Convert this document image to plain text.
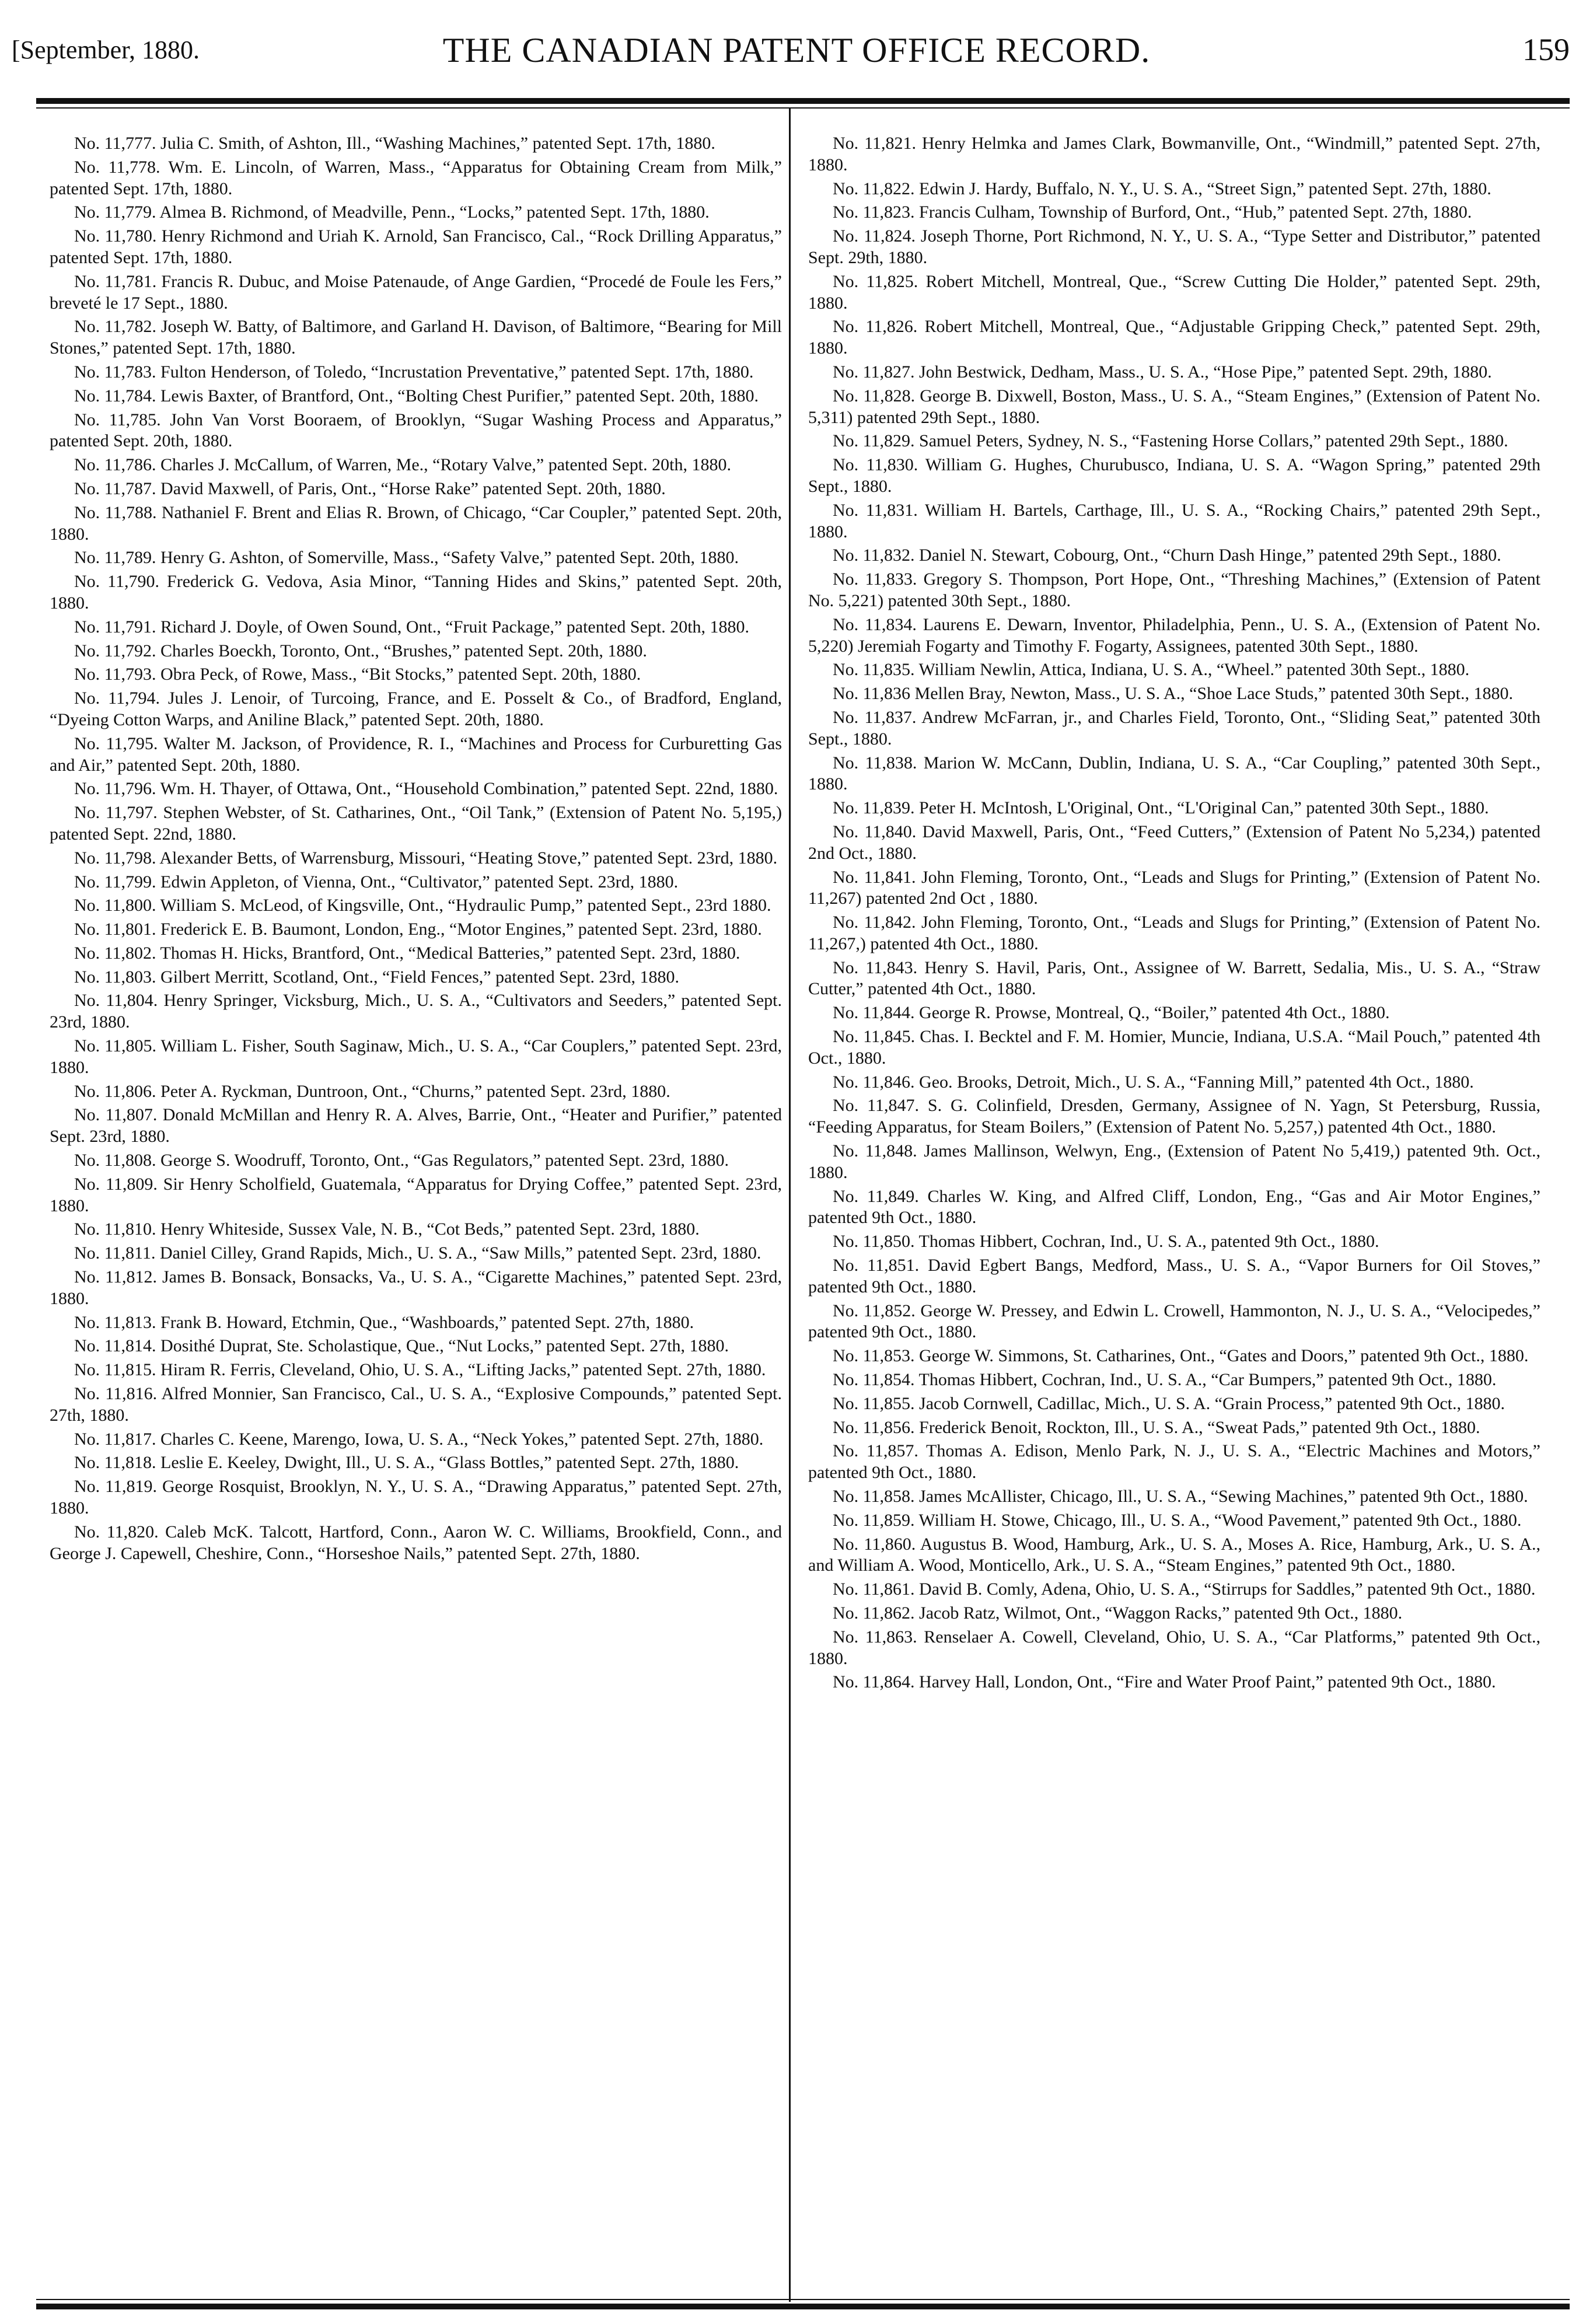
[September, 1880.	THE CANADIAN PATENT OFFICE RECORD.	159

No. 11,777. Julia C. Smith, of Ashton, Ill., “Washing Machines,” patented Sept. 17th, 1880.

No. 11,778. Wm. E. Lincoln, of Warren, Mass., “Apparatus for Obtaining Cream from Milk,” patented Sept. 17th, 1880.

No. 11,779. Almea B. Richmond, of Meadville, Penn., “Locks,” patented Sept. 17th, 1880.

No. 11,780. Henry Richmond and Uriah K. Arnold, San Francisco, Cal., “Rock Drilling Apparatus,” patented Sept. 17th, 1880.

No. 11,781. Francis R. Dubuc, and Moise Patenaude, of Ange Gardien, “Procedé de Foule les Fers,” breveté le 17 Sept., 1880.

No. 11,782. Joseph W. Batty, of Baltimore, and Garland H. Davison, of Baltimore, “Bearing for Mill Stones,” patented Sept. 17th, 1880.

No. 11,783. Fulton Henderson, of Toledo, “Incrustation Preventative,” patented Sept. 17th, 1880.

No. 11,784. Lewis Baxter, of Brantford, Ont., “Bolting Chest Purifier,” patented Sept. 20th, 1880.

No. 11,785. John Van Vorst Booraem, of Brooklyn, “Sugar Washing Process and Apparatus,” patented Sept. 20th, 1880.

No. 11,786. Charles J. McCallum, of Warren, Me., “Rotary Valve,” patented Sept. 20th, 1880.

No. 11,787. David Maxwell, of Paris, Ont., “Horse Rake” patented Sept. 20th, 1880.

No. 11,788. Nathaniel F. Brent and Elias R. Brown, of Chicago, “Car Coupler,” patented Sept. 20th, 1880.

No. 11,789. Henry G. Ashton, of Somerville, Mass., “Safety Valve,” patented Sept. 20th, 1880.

No. 11,790. Frederick G. Vedova, Asia Minor, “Tanning Hides and Skins,” patented Sept. 20th, 1880.

No. 11,791. Richard J. Doyle, of Owen Sound, Ont., “Fruit Package,” patented Sept. 20th, 1880.

No. 11,792. Charles Boeckh, Toronto, Ont., “Brushes,” patented Sept. 20th, 1880.

No. 11,793. Obra Peck, of Rowe, Mass., “Bit Stocks,” patented Sept. 20th, 1880.

No. 11,794. Jules J. Lenoir, of Turcoing, France, and E. Posselt & Co., of Bradford, England, “Dyeing Cotton Warps, and Aniline Black,” patented Sept. 20th, 1880.

No. 11,795. Walter M. Jackson, of Providence, R. I., “Machines and Process for Curburetting Gas and Air,” patented Sept. 20th, 1880.

No. 11,796. Wm. H. Thayer, of Ottawa, Ont., “Household Combination,” patented Sept. 22nd, 1880.

No. 11,797. Stephen Webster, of St. Catharines, Ont., “Oil Tank,” (Extension of Patent No. 5,195,) patented Sept. 22nd, 1880.

No. 11,798. Alexander Betts, of Warrensburg, Missouri, “Heating Stove,” patented Sept. 23rd, 1880.

No. 11,799. Edwin Appleton, of Vienna, Ont., “Cultivator,” patented Sept. 23rd, 1880.

No. 11,800. William S. McLeod, of Kingsville, Ont., “Hydraulic Pump,” patented Sept., 23rd 1880.

No. 11,801. Frederick E. B. Baumont, London, Eng., “Motor Engines,” patented Sept. 23rd, 1880.

No. 11,802. Thomas H. Hicks, Brantford, Ont., “Medical Batteries,” patented Sept. 23rd, 1880.

No. 11,803. Gilbert Merritt, Scotland, Ont., “Field Fences,” patented Sept. 23rd, 1880.

No. 11,804. Henry Springer, Vicksburg, Mich., U. S. A., “Cultivators and Seeders,” patented Sept. 23rd, 1880.

No. 11,805. William L. Fisher, South Saginaw, Mich., U. S. A., “Car Couplers,” patented Sept. 23rd, 1880.

No. 11,806. Peter A. Ryckman, Duntroon, Ont., “Churns,” patented Sept. 23rd, 1880.

No. 11,807. Donald McMillan and Henry R. A. Alves, Barrie, Ont., “Heater and Purifier,” patented Sept. 23rd, 1880.

No. 11,808. George S. Woodruff, Toronto, Ont., “Gas Regulators,” patented Sept. 23rd, 1880.

No. 11,809. Sir Henry Scholfield, Guatemala, “Apparatus for Drying Coffee,” patented Sept. 23rd, 1880.

No. 11,810. Henry Whiteside, Sussex Vale, N. B., “Cot Beds,” patented Sept. 23rd, 1880.

No. 11,811. Daniel Cilley, Grand Rapids, Mich., U. S. A., “Saw Mills,” patented Sept. 23rd, 1880.

No. 11,812. James B. Bonsack, Bonsacks, Va., U. S. A., “Cigarette Machines,” patented Sept. 23rd, 1880.

No. 11,813. Frank B. Howard, Etchmin, Que., “Washboards,” patented Sept. 27th, 1880.

No. 11,814. Dosithé Duprat, Ste. Scholastique, Que., “Nut Locks,” patented Sept. 27th, 1880.

No. 11,815. Hiram R. Ferris, Cleveland, Ohio, U. S. A., “Lifting Jacks,” patented Sept. 27th, 1880.

No. 11,816. Alfred Monnier, San Francisco, Cal., U. S. A., “Explosive Compounds,” patented Sept. 27th, 1880.

No. 11,817. Charles C. Keene, Marengo, Iowa, U. S. A., “Neck Yokes,” patented Sept. 27th, 1880.

No. 11,818. Leslie E. Keeley, Dwight, Ill., U. S. A., “Glass Bottles,” patented Sept. 27th, 1880.

No. 11,819. George Rosquist, Brooklyn, N. Y., U. S. A., “Drawing Apparatus,” patented Sept. 27th, 1880.

No. 11,820. Caleb McK. Talcott, Hartford, Conn., Aaron W. C. Williams, Brookfield, Conn., and George J. Capewell, Cheshire, Conn., “Horseshoe Nails,” patented Sept. 27th, 1880.

No. 11,821. Henry Helmka and James Clark, Bowmanville, Ont., “Windmill,” patented Sept. 27th, 1880.

No. 11,822. Edwin J. Hardy, Buffalo, N. Y., U. S. A., “Street Sign,” patented Sept. 27th, 1880.

No. 11,823. Francis Culham, Township of Burford, Ont., “Hub,” patented Sept. 27th, 1880.

No. 11,824. Joseph Thorne, Port Richmond, N. Y., U. S. A., “Type Setter and Distributor,” patented Sept. 29th, 1880.

No. 11,825. Robert Mitchell, Montreal, Que., “Screw Cutting Die Holder,” patented Sept. 29th, 1880.

No. 11,826. Robert Mitchell, Montreal, Que., “Adjustable Gripping Check,” patented Sept. 29th, 1880.

No. 11,827. John Bestwick, Dedham, Mass., U. S. A., “Hose Pipe,” patented Sept. 29th, 1880.

No. 11,828. George B. Dixwell, Boston, Mass., U. S. A., “Steam Engines,” (Extension of Patent No. 5,311) patented 29th Sept., 1880.

No. 11,829. Samuel Peters, Sydney, N. S., “Fastening Horse Collars,” patented 29th Sept., 1880.

No. 11,830. William G. Hughes, Churubusco, Indiana, U. S. A. “Wagon Spring,” patented 29th Sept., 1880.

No. 11,831. William H. Bartels, Carthage, Ill., U. S. A., “Rocking Chairs,” patented 29th Sept., 1880.

No. 11,832. Daniel N. Stewart, Cobourg, Ont., “Churn Dash Hinge,” patented 29th Sept., 1880.

No. 11,833. Gregory S. Thompson, Port Hope, Ont., “Threshing Machines,” (Extension of Patent No. 5,221) patented 30th Sept., 1880.

No. 11,834. Laurens E. Dewarn, Inventor, Philadelphia, Penn., U. S. A., (Extension of Patent No. 5,220) Jeremiah Fogarty and Timothy F. Fogarty, Assignees, patented 30th Sept., 1880.

No. 11,835. William Newlin, Attica, Indiana, U. S. A., “Wheel.” patented 30th Sept., 1880.

No. 11,836 Mellen Bray, Newton, Mass., U. S. A., “Shoe Lace Studs,” patented 30th Sept., 1880.

No. 11,837. Andrew McFarran, jr., and Charles Field, Toronto, Ont., “Sliding Seat,” patented 30th Sept., 1880.

No. 11,838. Marion W. McCann, Dublin, Indiana, U. S. A., “Car Coupling,” patented 30th Sept., 1880.

No. 11,839. Peter H. McIntosh, L'Original, Ont., “L'Original Can,” patented 30th Sept., 1880.

No. 11,840. David Maxwell, Paris, Ont., “Feed Cutters,” (Extension of Patent No 5,234,) patented 2nd Oct., 1880.

No. 11,841. John Fleming, Toronto, Ont., “Leads and Slugs for Printing,” (Extension of Patent No. 11,267) patented 2nd Oct , 1880.

No. 11,842. John Fleming, Toronto, Ont., “Leads and Slugs for Printing,” (Extension of Patent No. 11,267,) patented 4th Oct., 1880.

No. 11,843. Henry S. Havil, Paris, Ont., Assignee of W. Barrett, Sedalia, Mis., U. S. A., “Straw Cutter,” patented 4th Oct., 1880.

No. 11,844. George R. Prowse, Montreal, Q., “Boiler,” patented 4th Oct., 1880.

No. 11,845. Chas. I. Becktel and F. M. Homier, Muncie, Indiana, U.S.A. “Mail Pouch,” patented 4th Oct., 1880.

No. 11,846. Geo. Brooks, Detroit, Mich., U. S. A., “Fanning Mill,” patented 4th Oct., 1880.

No. 11,847. S. G. Colinfield, Dresden, Germany, Assignee of N. Yagn, St Petersburg, Russia, “Feeding Apparatus, for Steam Boilers,” (Extension of Patent No. 5,257,) patented 4th Oct., 1880.

No. 11,848. James Mallinson, Welwyn, Eng., (Extension of Patent No 5,419,) patented 9th. Oct., 1880.

No. 11,849. Charles W. King, and Alfred Cliff, London, Eng., “Gas and Air Motor Engines,” patented 9th Oct., 1880.

No. 11,850. Thomas Hibbert, Cochran, Ind., U. S. A., patented 9th Oct., 1880.

No. 11,851. David Egbert Bangs, Medford, Mass., U. S. A., “Vapor Burners for Oil Stoves,” patented 9th Oct., 1880.

No. 11,852. George W. Pressey, and Edwin L. Crowell, Hammonton, N. J., U. S. A., “Velocipedes,” patented 9th Oct., 1880.

No. 11,853. George W. Simmons, St. Catharines, Ont., “Gates and Doors,” patented 9th Oct., 1880.

No. 11,854. Thomas Hibbert, Cochran, Ind., U. S. A., “Car Bumpers,” patented 9th Oct., 1880.

No. 11,855. Jacob Cornwell, Cadillac, Mich., U. S. A. “Grain Process,” patented 9th Oct., 1880.

No. 11,856. Frederick Benoit, Rockton, Ill., U. S. A., “Sweat Pads,” patented 9th Oct., 1880.

No. 11,857. Thomas A. Edison, Menlo Park, N. J., U. S. A., “Electric Machines and Motors,” patented 9th Oct., 1880.

No. 11,858. James McAllister, Chicago, Ill., U. S. A., “Sewing Machines,” patented 9th Oct., 1880.

No. 11,859. William H. Stowe, Chicago, Ill., U. S. A., “Wood Pavement,” patented 9th Oct., 1880.

No. 11,860. Augustus B. Wood, Hamburg, Ark., U. S. A., Moses A. Rice, Hamburg, Ark., U. S. A., and William A. Wood, Monticello, Ark., U. S. A., “Steam Engines,” patented 9th Oct., 1880.

No. 11,861. David B. Comly, Adena, Ohio, U. S. A., “Stirrups for Saddles,” patented 9th Oct., 1880.

No. 11,862. Jacob Ratz, Wilmot, Ont., “Waggon Racks,” patented 9th Oct., 1880.

No. 11,863. Renselaer A. Cowell, Cleveland, Ohio, U. S. A., “Car Platforms,” patented 9th Oct., 1880.

No. 11,864. Harvey Hall, London, Ont., “Fire and Water Proof Paint,” patented 9th Oct., 1880.
